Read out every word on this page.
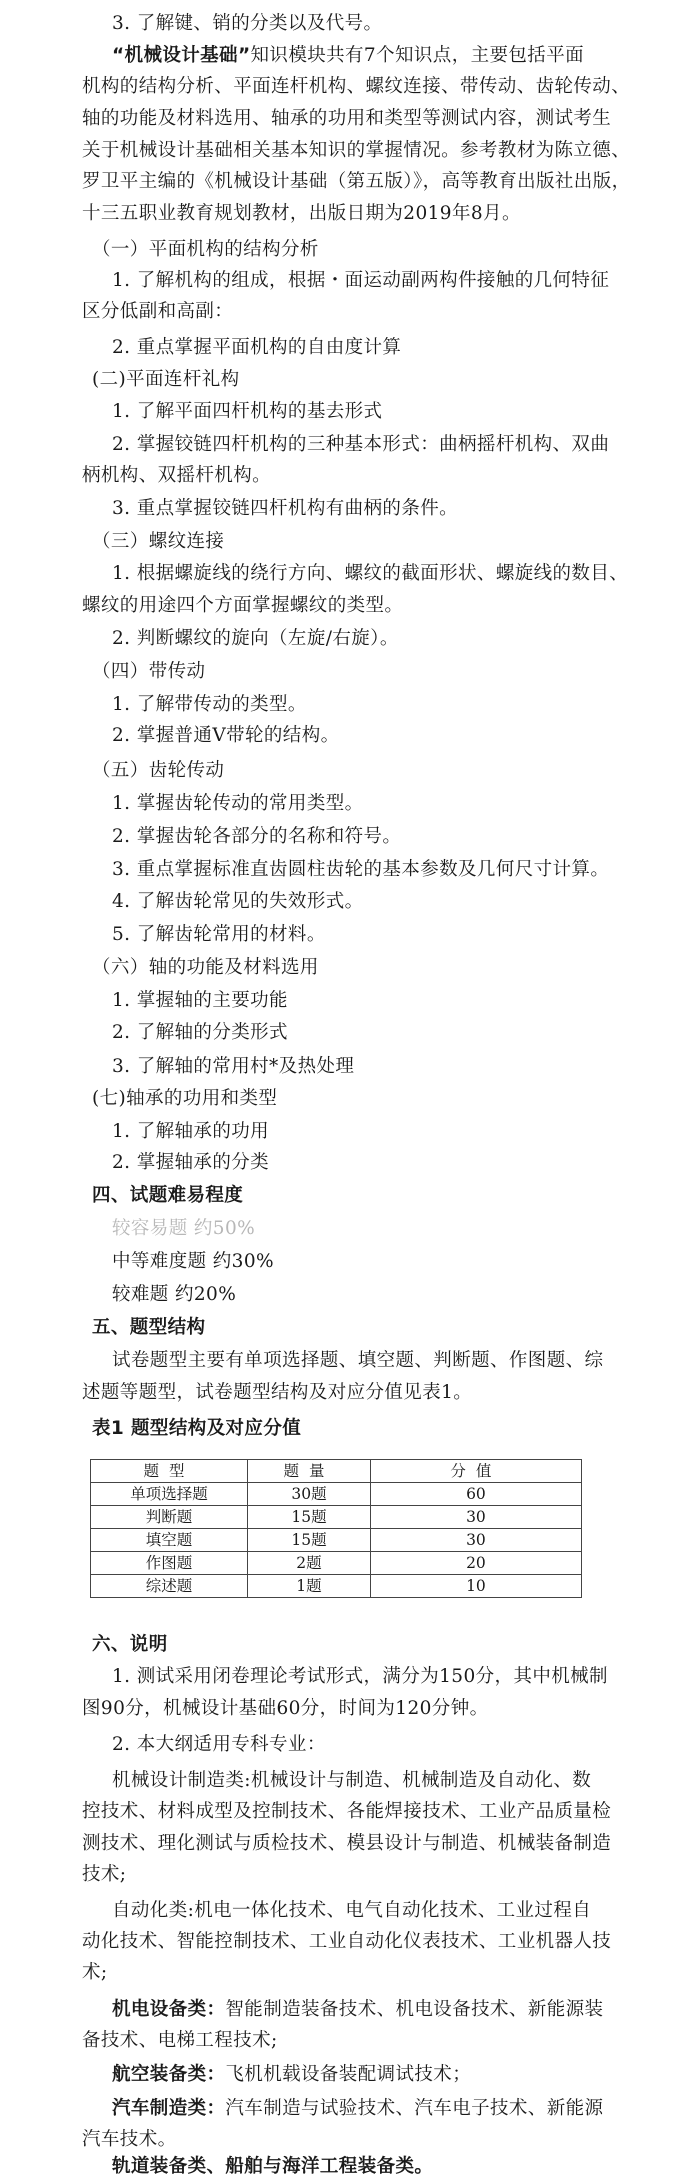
3. 了解键、销的分类以及代号。
“机械设计基础”知识模块共有7个知识点，主要包括平面
机构的结构分析、平面连杆机构、螺纹连接、带传动、齿轮传动、
轴的功能及材料选用、轴承的功用和类型等测试内容，测试考生
关于机械设计基础相关基本知识的掌握情况。参考教材为陈立德、
罗卫平主编的《机械设计基础（第五版）》，高等教育出版社出版，
十三五职业教育规划教材，出版日期为2019年8月。
（一）平面机构的结构分析
1. 了解机构的组成，根据・面运动副两构件接触的几何特征
区分低副和高副：
2. 重点掌握平面机构的自由度计算
(二)平面连杆礼构
1. 了解平面四杆机构的基去形式
2. 掌握铰链四杆机构的三种基本形式：曲柄摇杆机构、双曲
柄机构、双摇杆机构。
3. 重点掌握铰链四杆机构有曲柄的条件。
（三）螺纹连接
1. 根据螺旋线的绕行方向、螺纹的截面形状、螺旋线的数目、
螺纹的用途四个方面掌握螺纹的类型。
2. 判断螺纹的旋向（左旋/右旋）。
（四）带传动
1. 了解带传动的类型。
2. 掌握普通V带轮的结构。
（五）齿轮传动
1. 掌握齿轮传动的常用类型。
2. 掌握齿轮各部分的名称和符号。
3. 重点掌握标准直齿圆柱齿轮的基本参数及几何尺寸计算。
4. 了解齿轮常见的失效形式。
5. 了解齿轮常用的材料。
（六）轴的功能及材料选用
1. 掌握轴的主要功能
2. 了解轴的分类形式
3. 了解轴的常用村*及热处理
(七)轴承的功用和类型
1. 了解轴承的功用
2. 掌握轴承的分类
四、试题难易程度
较容易题 约50%
中等难度题 约30%
较难题 约20%
五、题型结构
试卷题型主要有单项选择题、填空题、判断题、作图题、综
述题等题型，试卷题型结构及对应分值见表1。
表1 题型结构及对应分值
题型	题量	分值
单项选择题	30题	60
判断题	15题	30
填空题	15题	30
作图题	2题	20
综述题	1题	10
六、说明
1. 测试采用闭卷理论考试形式，满分为150分，其中机械制
图90分，机械设计基础60分，时间为120分钟。
2. 本大纲适用专科专业：
机械设计制造类:机械设计与制造、机械制造及自动化、数
控技术、材料成型及控制技术、各能焊接技术、工业产品质量检
测技术、理化测试与质检技术、模县设计与制造、机械装备制造
技术;
自动化类:机电一体化技术、电气自动化技术、工业过程自
动化技术、智能控制技术、工业自动化仪表技术、工业机器人技
术;
机电设备类：智能制造装备技术、机电设备技术、新能源装
备技术、电梯工程技术;
航空装备类：飞机机载设备装配调试技术；
汽车制造类：汽车制造与试验技术、汽车电子技术、新能源
汽车技术。
轨道装备类、船舶与海洋工程装备类。
